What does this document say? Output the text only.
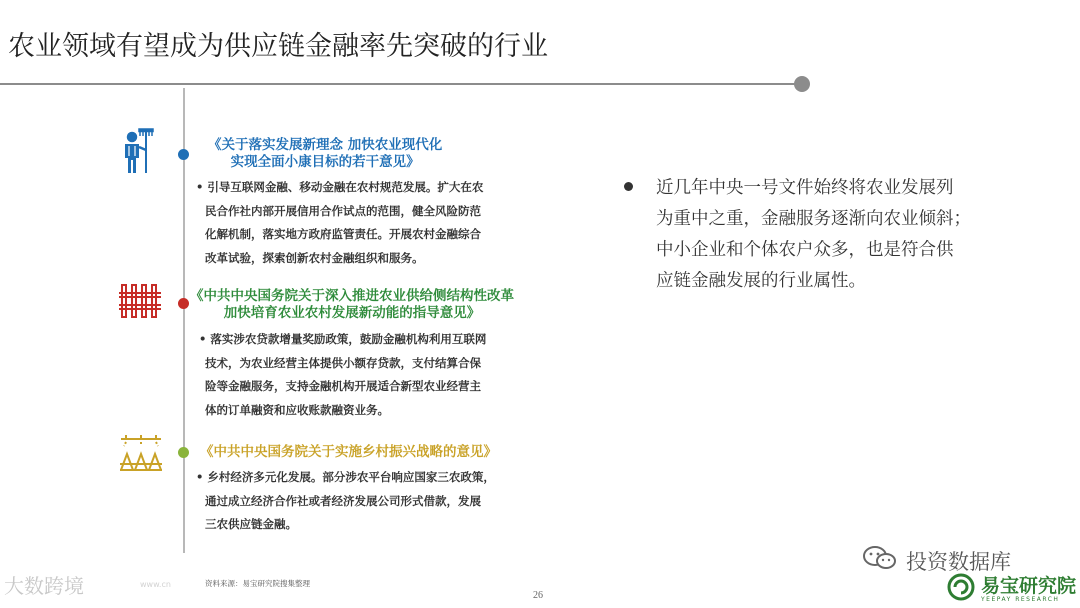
农业领域有望成为供应链金融率先突破的行业
《关于落实发展新理念 加快农业现代化
实现全面小康目标的若干意见》
• 引导互联网金融、移动金融在农村规范发展。扩大在农
民合作社内部开展信用合作试点的范围，健全风险防范
化解机制，落实地方政府监管责任。开展农村金融综合
改革试验，探索创新农村金融组织和服务。
《中共中央国务院关于深入推进农业供给侧结构性改革
加快培育农业农村发展新动能的指导意见》
• 落实涉农贷款增量奖励政策，鼓励金融机构利用互联网
技术，为农业经营主体提供小额存贷款，支付结算合保
险等金融服务，支持金融机构开展适合新型农业经营主
体的订单融资和应收账款融资业务。
《中共中央国务院关于实施乡村振兴战略的意见》
• 乡村经济多元化发展。部分涉农平台响应国家三农政策，
通过成立经济合作社或者经济发展公司形式借款，发展
三农供应链金融。
近几年中央一号文件始终将农业发展列
为重中之重，金融服务逐渐向农业倾斜；
中小企业和个体农户众多，也是符合供
应链金融发展的行业属性。
资料来源：易宝研究院搜集整理
26
大数跨境	www.cn
投资数据库
易宝研究院
YEEPAY RESEARCH
